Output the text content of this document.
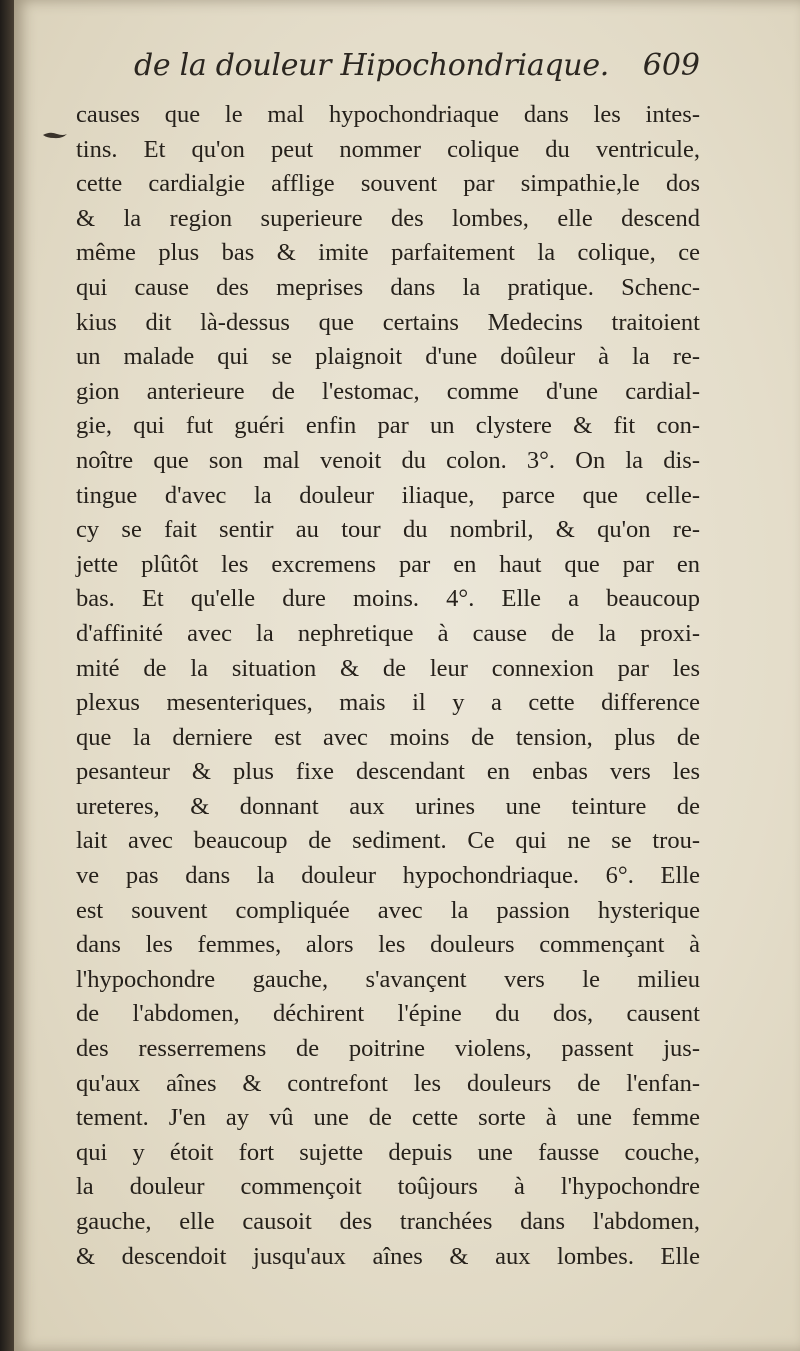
de la douleur Hipochondriaque. 609
causes que le mal hypochondriaque dans les intes-
tins. Et qu'on peut nommer colique du ventricule,
cette cardialgie afflige souvent par simpathie,le dos
& la region superieure des lombes, elle descend
même plus bas & imite parfaitement la colique, ce
qui cause des meprises dans la pratique. Schenc-
kius dit là-dessus que certains Medecins traitoient
un malade qui se plaignoit d'une doûleur à la re-
gion anterieure de l'estomac, comme d'une cardial-
gie, qui fut guéri enfin par un clystere & fit con-
noître que son mal venoit du colon. 3°. On la dis-
tingue d'avec la douleur iliaque, parce que celle-
cy se fait sentir au tour du nombril, & qu'on re-
jette plûtôt les excremens par en haut que par en
bas. Et qu'elle dure moins. 4°. Elle a beaucoup
d'affinité avec la nephretique à cause de la proxi-
mité de la situation & de leur connexion par les
plexus mesenteriques, mais il y a cette difference
que la derniere est avec moins de tension, plus de
pesanteur & plus fixe descendant en enbas vers les
ureteres, & donnant aux urines une teinture de
lait avec beaucoup de sediment. Ce qui ne se trou-
ve pas dans la douleur hypochondriaque. 6°. Elle
est souvent compliquée avec la passion hysterique
dans les femmes, alors les douleurs commençant à
l'hypochondre gauche, s'avançent vers le milieu
de l'abdomen, déchirent l'épine du dos, causent
des resserremens de poitrine violens, passent jus-
qu'aux aînes & contrefont les douleurs de l'enfan-
tement. J'en ay vû une de cette sorte à une femme
qui y étoit fort sujette depuis une fausse couche,
la douleur commençoit toûjours à l'hypochondre
gauche, elle causoit des tranchées dans l'abdomen,
& descendoit jusqu'aux aînes & aux lombes. Elle
